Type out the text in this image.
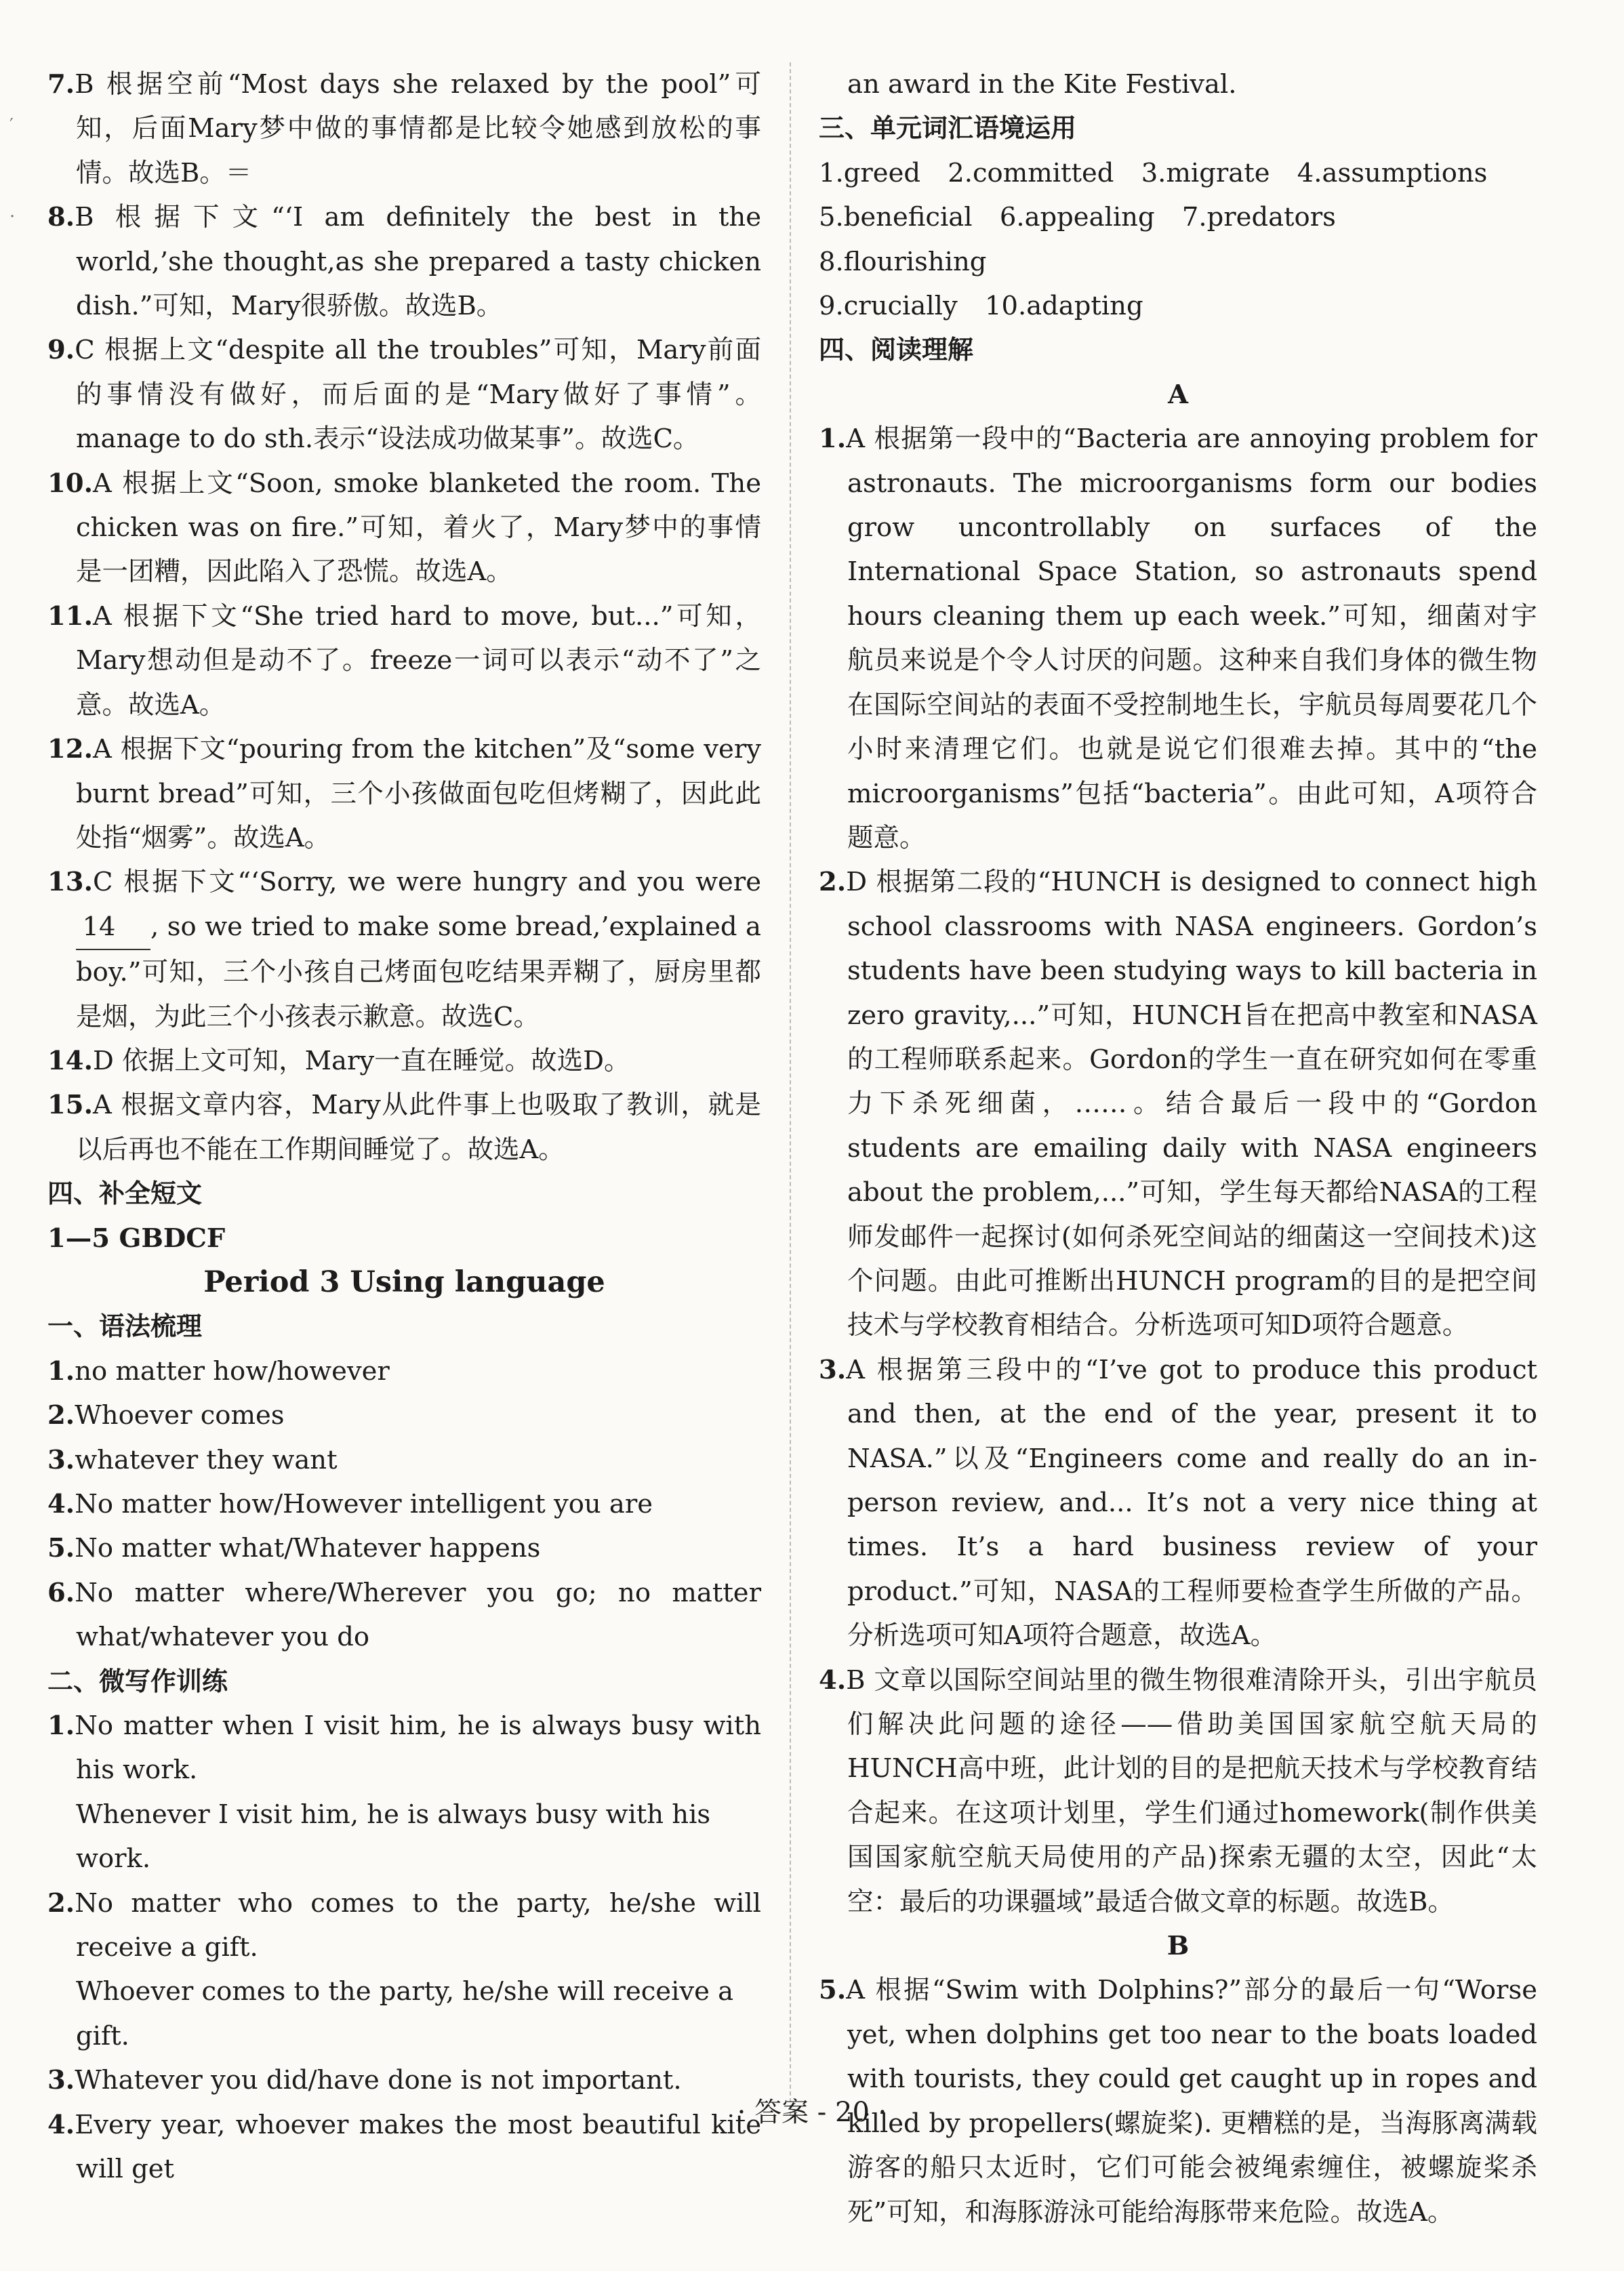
′
·
7.B 根据空前“Most days she relaxed by the pool”可知，后面Mary梦中做的事情都是比较令她感到放松的事情。故选B。＝
8.B 根据下文“‘I am definitely the best in the world,’she thought,as she prepared a tasty chicken dish.”可知，Mary很骄傲。故选B。
9.C 根据上文“despite all the troubles”可知，Mary前面的事情没有做好，而后面的是“Mary做好了事情”。manage to do sth.表示“设法成功做某事”。故选C。
10.A 根据上文“Soon, smoke blanketed the room. The chicken was on fire.”可知，着火了，Mary梦中的事情是一团糟，因此陷入了恐慌。故选A。
11.A 根据下文“She tried hard to move, but...”可知，Mary想动但是动不了。freeze一词可以表示“动不了”之意。故选A。
12.A 根据下文“pouring from the kitchen”及“some very burnt bread”可知，三个小孩做面包吃但烤糊了，因此此处指“烟雾”。故选A。
13.C 根据下文“‘Sorry, we were hungry and you were 14 , so we tried to make some bread,’explained a boy.”可知，三个小孩自己烤面包吃结果弄糊了，厨房里都是烟，为此三个小孩表示歉意。故选C。
14.D 依据上文可知，Mary一直在睡觉。故选D。
15.A 根据文章内容，Mary从此件事上也吸取了教训，就是以后再也不能在工作期间睡觉了。故选A。
四、补全短文
1—5 GBDCF
Period 3 Using language
一、语法梳理
1.no matter how/however
2.Whoever comes
3.whatever they want
4.No matter how/However intelligent you are
5.No matter what/Whatever happens
6.No matter where/Wherever you go; no matter what/whatever you do
二、微写作训练
1.No matter when I visit him, he is always busy with his work.
Whenever I visit him, he is always busy with his work.
2.No matter who comes to the party, he/she will receive a gift.
Whoever comes to the party, he/she will receive a gift.
3.Whatever you did/have done is not important.
4.Every year, whoever makes the most beautiful kite will get
an award in the Kite Festival.
三、单元词汇语境运用
1.greed 2.committed 3.migrate 4.assumptions
5.beneficial 6.appealing 7.predators 8.flourishing
9.crucially 10.adapting
四、阅读理解
A
1.A 根据第一段中的“Bacteria are annoying problem for astronauts. The microorganisms form our bodies grow uncontrollably on surfaces of the International Space Station, so astronauts spend hours cleaning them up each week.”可知，细菌对宇航员来说是个令人讨厌的问题。这种来自我们身体的微生物在国际空间站的表面不受控制地生长，宇航员每周要花几个小时来清理它们。也就是说它们很难去掉。其中的“the microorganisms”包括“bacteria”。由此可知，A项符合题意。
2.D 根据第二段的“HUNCH is designed to connect high school classrooms with NASA engineers. Gordon’s students have been studying ways to kill bacteria in zero gravity,...”可知，HUNCH旨在把高中教室和NASA的工程师联系起来。Gordon的学生一直在研究如何在零重力下杀死细菌，……。结合最后一段中的“Gordon students are emailing daily with NASA engineers about the problem,...”可知，学生每天都给NASA的工程师发邮件一起探讨(如何杀死空间站的细菌这一空间技术)这个问题。由此可推断出HUNCH program的目的是把空间技术与学校教育相结合。分析选项可知D项符合题意。
3.A 根据第三段中的“I’ve got to produce this product and then, at the end of the year, present it to NASA.”以及“Engineers come and really do an in-person review, and... It’s not a very nice thing at times. It’s a hard business review of your product.”可知，NASA的工程师要检查学生所做的产品。分析选项可知A项符合题意，故选A。
4.B 文章以国际空间站里的微生物很难清除开头，引出宇航员们解决此问题的途径——借助美国国家航空航天局的HUNCH高中班，此计划的目的是把航天技术与学校教育结合起来。在这项计划里，学生们通过homework(制作供美国国家航空航天局使用的产品)探索无疆的太空，因此“太空：最后的功课疆域”最适合做文章的标题。故选B。
B
5.A 根据“Swim with Dolphins?”部分的最后一句“Worse yet, when dolphins get too near to the boats loaded with tourists, they could get caught up in ropes and killed by propellers(螺旋桨). 更糟糕的是，当海豚离满载游客的船只太近时，它们可能会被绳索缠住，被螺旋桨杀死”可知，和海豚游泳可能给海豚带来危险。故选A。
· 答案 - 20 ·
